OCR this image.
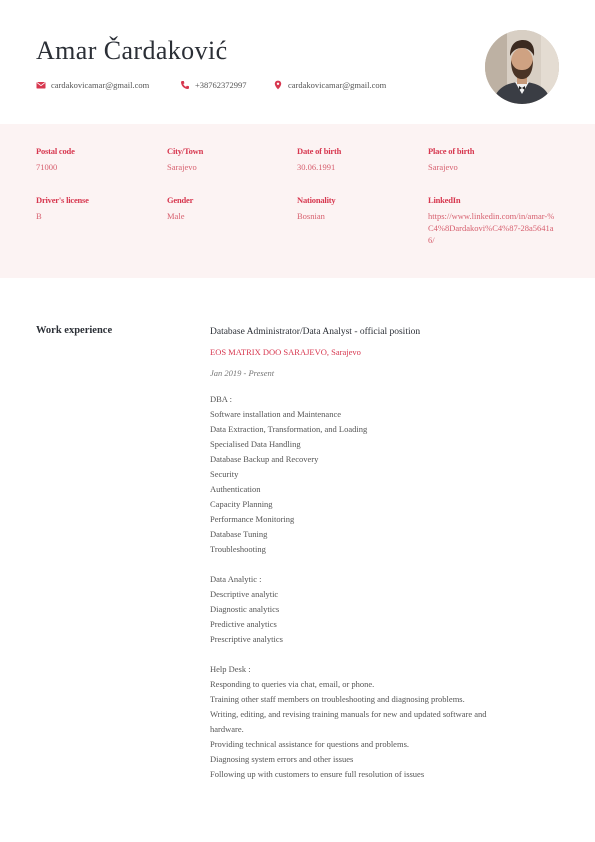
Amar Čardaković
cardakovicamar@gmail.com	+38762372997	cardakovicamar@gmail.com
Postal code
71000
City/Town
Sarajevo
Date of birth
30.06.1991
Place of birth
Sarajevo
Driver's license
B
Gender
Male
Nationality
Bosnian
LinkedIn
https://www.linkedin.com/in/amar-%C4%8Dardakovi%C4%87-28a5641a6/
Work experience	Database Administrator/Data Analyst - official position
EOS MATRIX DOO SARAJEVO, Sarajevo
Jan 2019 - Present
DBA :
Software installation and Maintenance
Data Extraction, Transformation, and Loading
Specialised Data Handling
Database Backup and Recovery
Security
Authentication
Capacity Planning
Performance Monitoring
Database Tuning
Troubleshooting
Data Analytic :
Descriptive analytic
Diagnostic analytics
Predictive analytics
Prescriptive analytics
Help Desk :
Responding to queries via chat, email, or phone.
Training other staff members on troubleshooting and diagnosing problems.
Writing, editing, and revising training manuals for new and updated software and
hardware.
Providing technical assistance for questions and problems.
Diagnosing system errors and other issues
Following up with customers to ensure full resolution of issues
